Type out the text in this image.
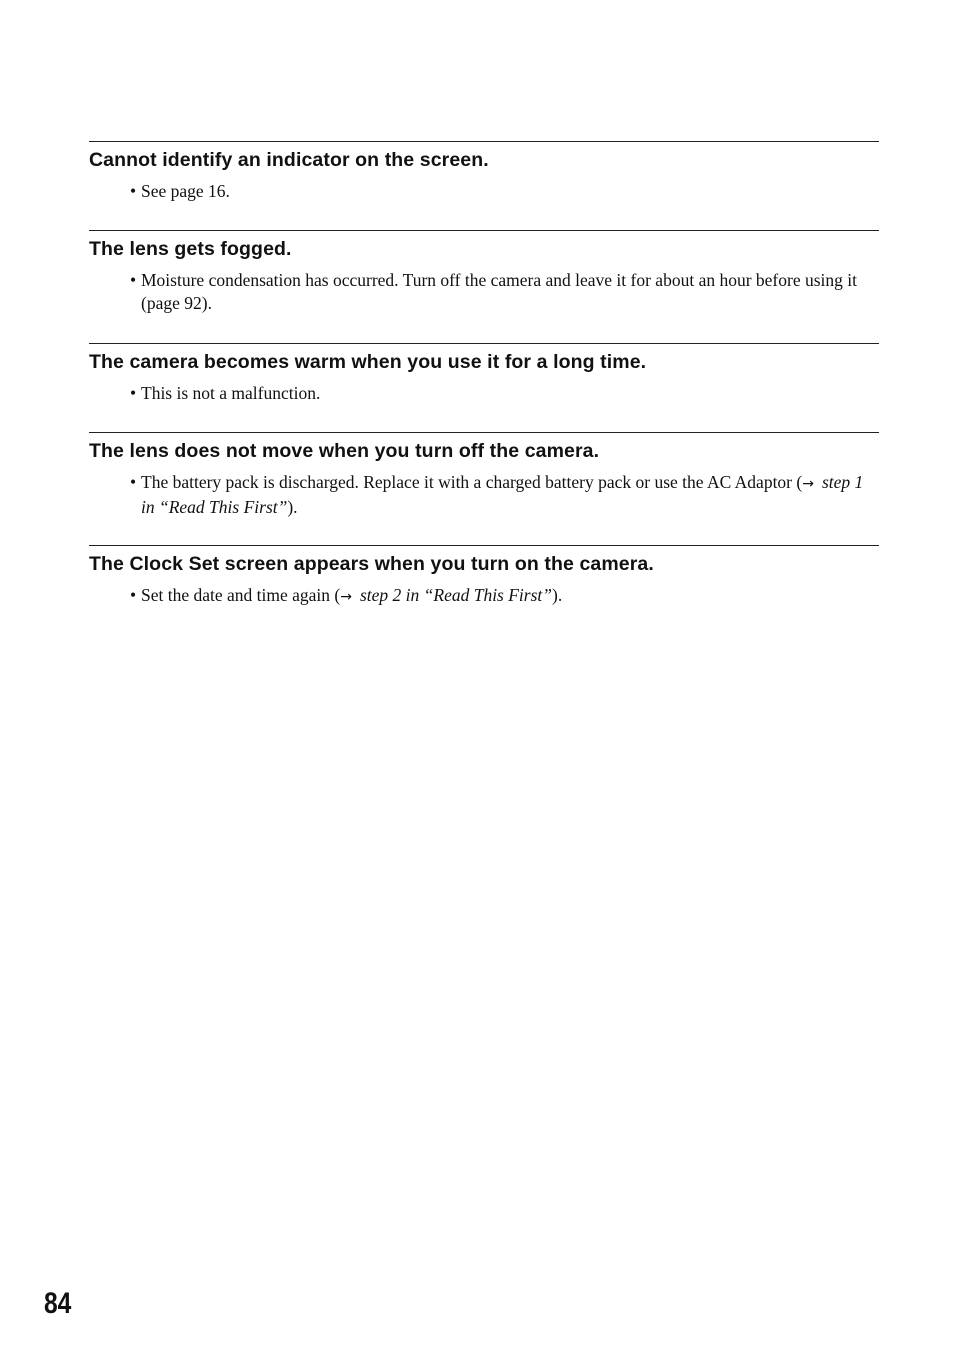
Cannot identify an indicator on the screen.

• See page 16.

The lens gets fogged.

• Moisture condensation has occurred. Turn off the camera and leave it for about an hour before using it (page 92).

The camera becomes warm when you use it for a long time.

• This is not a malfunction.

The lens does not move when you turn off the camera.

• The battery pack is discharged. Replace it with a charged battery pack or use the AC Adaptor (→ step 1 in “Read This First”).

The Clock Set screen appears when you turn on the camera.

• Set the date and time again (→ step 2 in “Read This First”).

84
